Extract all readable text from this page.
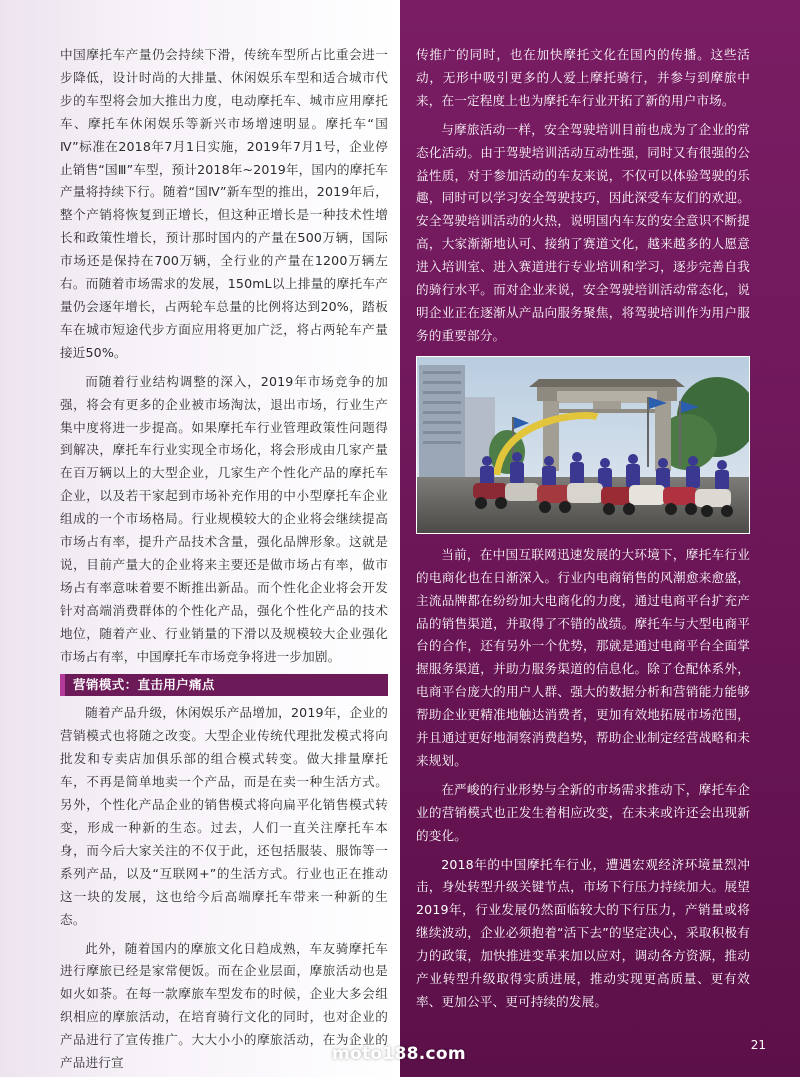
中国摩托车产量仍会持续下滑，传统车型所占比重会进一步降低，设计时尚的大排量、休闲娱乐车型和适合城市代步的车型将会加大推出力度，电动摩托车、城市应用摩托车、摩托车休闲娱乐等新兴市场增速明显。摩托车“国Ⅳ”标准在2018年7月1日实施，2019年7月1号，企业停止销售“国Ⅲ”车型，预计2018年~2019年，国内的摩托车产量将持续下行。随着“国Ⅳ”新车型的推出，2019年后，整个产销将恢复到正增长，但这种正增长是一种技术性增长和政策性增长，预计那时国内的产量在500万辆，国际市场还是保持在700万辆，全行业的产量在1200万辆左右。而随着市场需求的发展，150mL以上排量的摩托车产量仍会逐年增长，占两轮车总量的比例将达到20%，踏板车在城市短途代步方面应用将更加广泛，将占两轮车产量接近50%。

而随着行业结构调整的深入，2019年市场竞争的加强，将会有更多的企业被市场淘汰，退出市场，行业生产集中度将进一步提高。如果摩托车行业管理政策性问题得到解决，摩托车行业实现全市场化，将会形成由几家产量在百万辆以上的大型企业，几家生产个性化产品的摩托车企业，以及若干家起到市场补充作用的中小型摩托车企业组成的一个市场格局。行业规模较大的企业将会继续提高市场占有率，提升产品技术含量，强化品牌形象。这就是说，目前产量大的企业将来主要还是做市场占有率，做市场占有率意味着要不断推出新品。而个性化企业将会开发针对高端消费群体的个性化产品，强化个性化产品的技术地位，随着产业、行业销量的下滑以及规模较大企业强化市场占有率，中国摩托车市场竞争将进一步加剧。

营销模式：直击用户痛点

随着产品升级，休闲娱乐产品增加，2019年，企业的营销模式也将随之改变。大型企业传统代理批发模式将向批发和专卖店加俱乐部的组合模式转变。做大排量摩托车，不再是简单地卖一个产品，而是在卖一种生活方式。另外，个性化产品企业的销售模式将向扁平化销售模式转变，形成一种新的生态。过去，人们一直关注摩托车本身，而今后大家关注的不仅于此，还包括服装、服饰等一系列产品，以及“互联网+”的生活方式。行业也正在推动这一块的发展，这也给今后高端摩托车带来一种新的生态。

此外，随着国内的摩旅文化日趋成熟，车友骑摩托车进行摩旅已经是家常便饭。而在企业层面，摩旅活动也是如火如荼。在每一款摩旅车型发布的时候，企业大多会组织相应的摩旅活动，在培育骑行文化的同时，也对企业的产品进行了宣传推广。大大小小的摩旅活动，在为企业的产品进行宣

传推广的同时，也在加快摩托文化在国内的传播。这些活动，无形中吸引更多的人爱上摩托骑行，并参与到摩旅中来，在一定程度上也为摩托车行业开拓了新的用户市场。

与摩旅活动一样，安全驾驶培训目前也成为了企业的常态化活动。由于驾驶培训活动互动性强，同时又有很强的公益性质，对于参加活动的车友来说，不仅可以体验驾驶的乐趣，同时可以学习安全驾驶技巧，因此深受车友们的欢迎。安全驾驶培训活动的火热，说明国内车友的安全意识不断提高，大家渐渐地认可、接纳了赛道文化，越来越多的人愿意进入培训室、进入赛道进行专业培训和学习，逐步完善自我的骑行水平。而对企业来说，安全驾驶培训活动常态化，说明企业正在逐渐从产品向服务聚焦，将驾驶培训作为用户服务的重要部分。

当前，在中国互联网迅速发展的大环境下，摩托车行业的电商化也在日渐深入。行业内电商销售的风潮愈来愈盛，主流品牌都在纷纷加大电商化的力度，通过电商平台扩充产品的销售渠道，并取得了不错的战绩。摩托车与大型电商平台的合作，还有另外一个优势，那就是通过电商平台全面掌握服务渠道，并助力服务渠道的信息化。除了仓配体系外，电商平台庞大的用户人群、强大的数据分析和营销能力能够帮助企业更精准地触达消费者，更加有效地拓展市场范围，并且通过更好地洞察消费趋势，帮助企业制定经营战略和未来规划。

在严峻的行业形势与全新的市场需求推动下，摩托车企业的营销模式也正发生着相应改变，在未来或许还会出现新的变化。

2018年的中国摩托车行业，遭遇宏观经济环境量烈冲击，身处转型升级关键节点，市场下行压力持续加大。展望2019年，行业发展仍然面临较大的下行压力，产销量或将继续波动，企业必须抱着“活下去”的坚定决心，采取积极有力的政策，加快推进变革来加以应对，调动各方资源，推动产业转型升级取得实质进展，推动实现更高质量、更有效率、更加公平、更可持续的发展。

21
moto188.com
